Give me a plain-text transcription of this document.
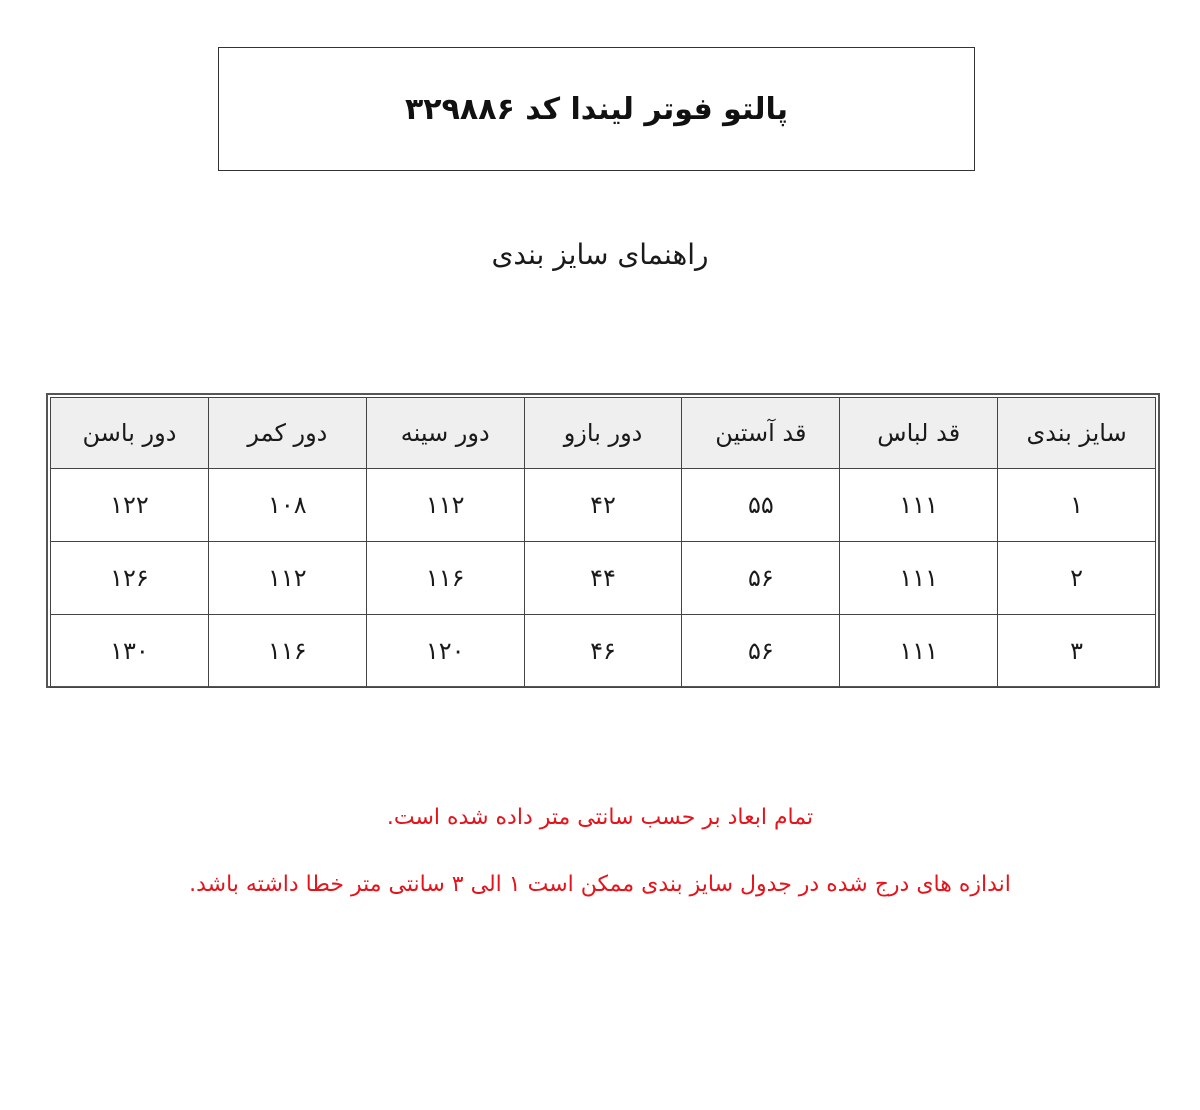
پالتو فوتر لیندا کد ۳۲۹۸۸۶
راهنمای سایز بندی
سایز بندی	قد لباس	قد آستین	دور بازو	دور سینه	دور کمر	دور باسن
۱	۱۱۱	۵۵	۴۲	۱۱۲	۱۰۸	۱۲۲
۲	۱۱۱	۵۶	۴۴	۱۱۶	۱۱۲	۱۲۶
۳	۱۱۱	۵۶	۴۶	۱۲۰	۱۱۶	۱۳۰
تمام ابعاد بر حسب سانتی متر داده شده است.
اندازه های درج شده در جدول سایز بندی ممکن است ۱ الی ۳ سانتی متر خطا داشته باشد.
